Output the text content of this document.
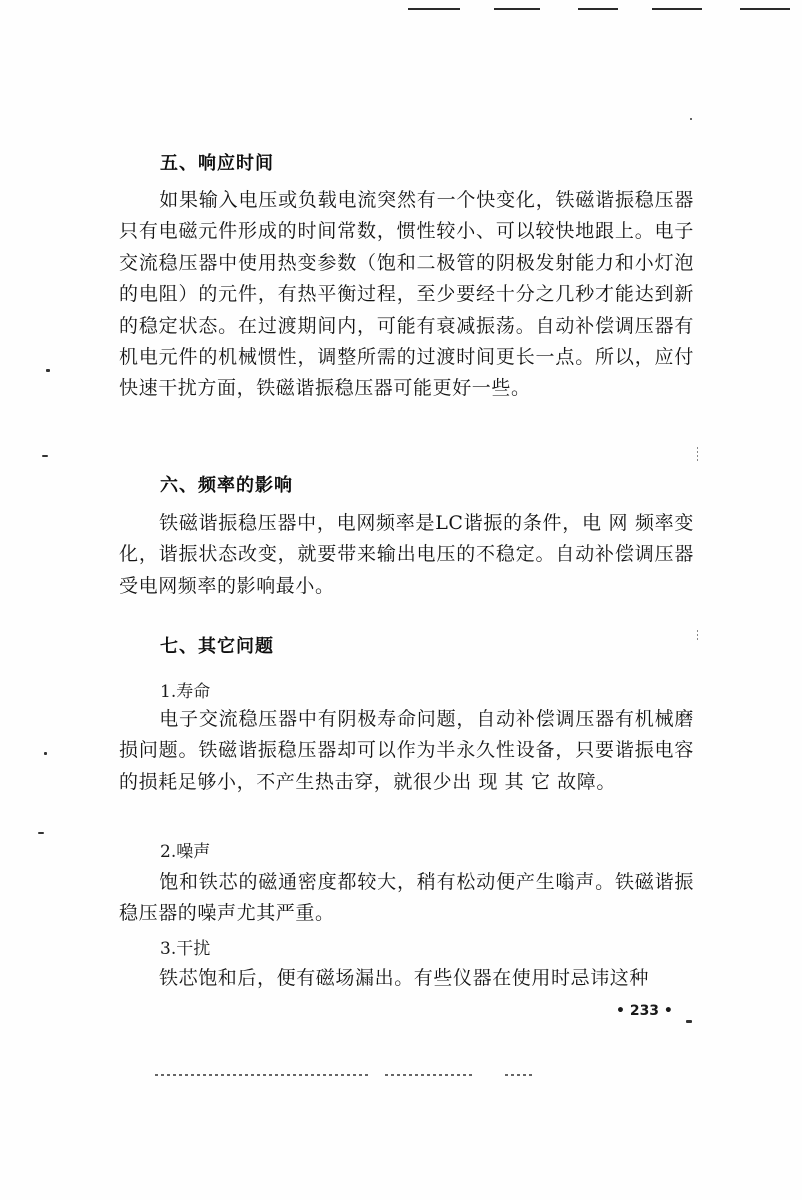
五、响应时间
如果输入电压或负载电流突然有一个快变化，铁磁谐振稳压器只有电磁元件形成的时间常数，惯性较小、可以较快地跟上。电子交流稳压器中使用热变参数（饱和二极管的阴极发射能力和小灯泡的电阻）的元件，有热平衡过程，至少要经十分之几秒才能达到新的稳定状态。在过渡期间内，可能有衰减振荡。自动补偿调压器有机电元件的机械惯性，调整所需的过渡时间更长一点。所以，应付快速干扰方面，铁磁谐振稳压器可能更好一些。
六、频率的影响
铁磁谐振稳压器中，电网频率是LC谐振的条件，电 网 频率变化，谐振状态改变，就要带来输出电压的不稳定。自动补偿调压器受电网频率的影响最小。
七、其它问题
1.寿命
电子交流稳压器中有阴极寿命问题，自动补偿调压器有机械磨损问题。铁磁谐振稳压器却可以作为半永久性设备，只要谐振电容的损耗足够小，不产生热击穿，就很少出 现 其 它 故障。
2.噪声
饱和铁芯的磁通密度都较大，稍有松动便产生嗡声。铁磁谐振稳压器的噪声尤其严重。
3.干扰
铁芯饱和后，便有磁场漏出。有些仪器在使用时忌讳这种
• 233 •
